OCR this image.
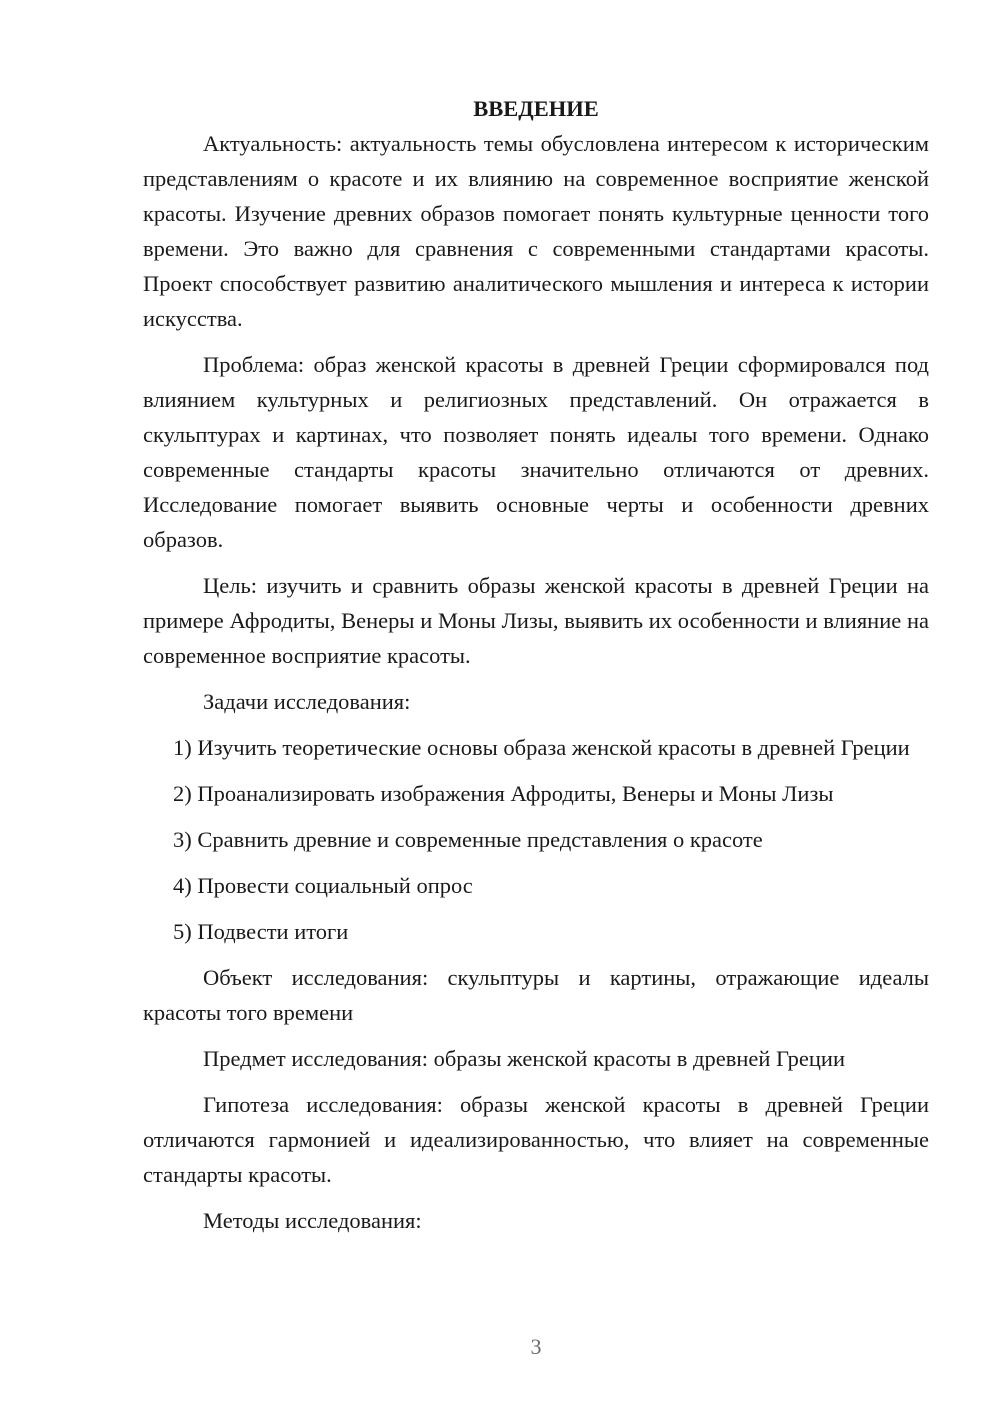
ВВЕДЕНИЕ

Актуальность: актуальность темы обусловлена интересом к историческим представлениям о красоте и их влиянию на современное восприятие женской красоты. Изучение древних образов помогает понять культурные ценности того времени. Это важно для сравнения с современными стандартами красоты. Проект способствует развитию аналитического мышления и интереса к истории искусства.

Проблема: образ женской красоты в древней Греции сформировался под влиянием культурных и религиозных представлений. Он отражается в скульптурах и картинах, что позволяет понять идеалы того времени. Однако современные стандарты красоты значительно отличаются от древних. Исследование помогает выявить основные черты и особенности древних образов.

Цель: изучить и сравнить образы женской красоты в древней Греции на примере Афродиты, Венеры и Моны Лизы, выявить их особенности и влияние на современное восприятие красоты.

Задачи исследования:

1) Изучить теоретические основы образа женской красоты в древней Греции

2) Проанализировать изображения Афродиты, Венеры и Моны Лизы

3) Сравнить древние и современные представления о красоте

4) Провести социальный опрос

5) Подвести итоги

Объект исследования: скульптуры и картины, отражающие идеалы красоты того времени

Предмет исследования: образы женской красоты в древней Греции

Гипотеза исследования: образы женской красоты в древней Греции отличаются гармонией и идеализированностью, что влияет на современные стандарты красоты.

Методы исследования:

3
